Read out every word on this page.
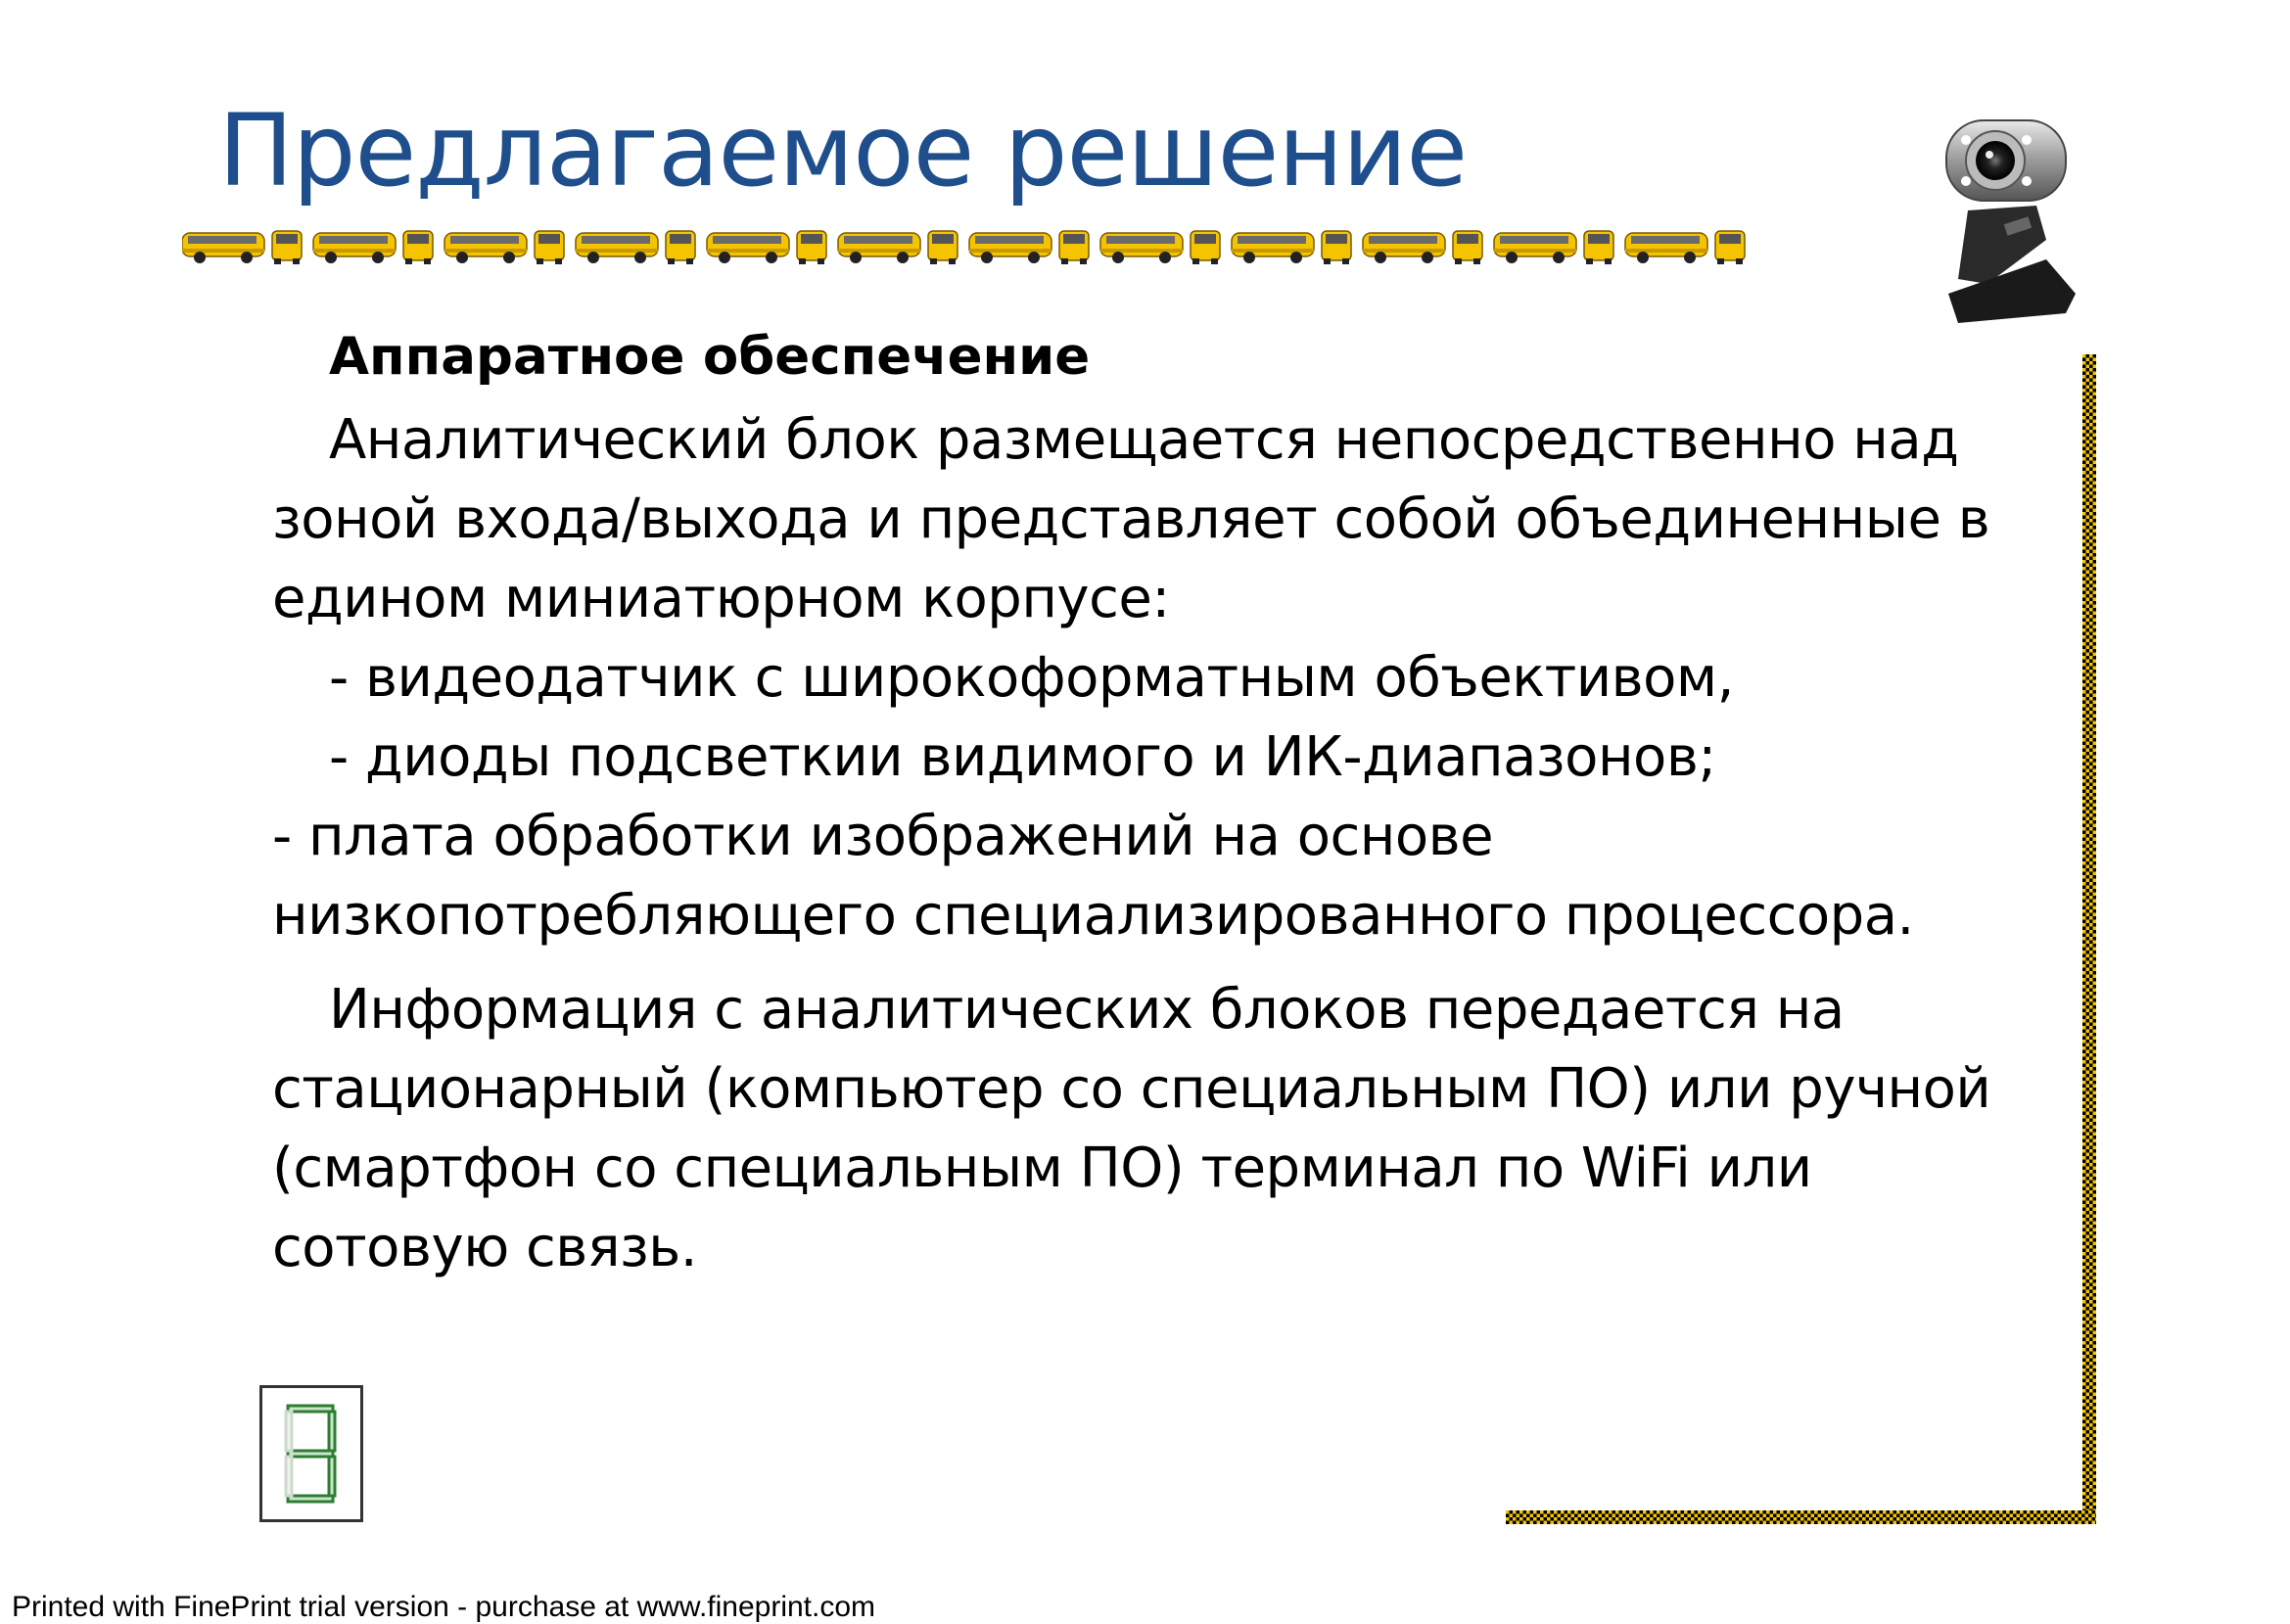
Предлагаемое решение
Аппаратное обеспечение
Аналитический блок размещается непосредственно над
зоной входа/выхода и представляет собой объединенные в
едином миниатюрном корпусе:
- видеодатчик с широкоформатным объективом,
- диоды подсветкии видимого и ИК-диапазонов;
- плата обработки изображений на основе
низкопотребляющего специализированного процессора.
Информация с аналитических блоков передается на
стационарный (компьютер со специальным ПО) или ручной
(смартфон со специальным ПО) терминал по WiFi или
сотовую связь.
3
Printed with FinePrint trial version - purchase at www.fineprint.com
